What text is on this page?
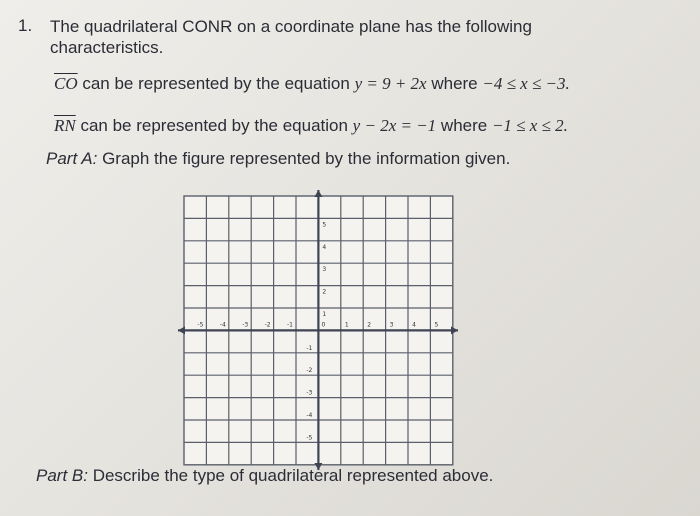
1. The quadrilateral CONR on a coordinate plane has the following
characteristics.
$\overline{CO}$ can be represented by the equation y = 9 + 2x where −4 ≤ x ≤ −3.
$\overline{RN}$ can be represented by the equation y − 2x = −1 where −1 ≤ x ≤ 2.
Part A: Graph the figure represented by the information given.
-5	-4	-3	-2	-1	1	2	3	4	5
0
5
4
3
2
1
-1
-2
-3
-4
-5
Part B: Describe the type of quadrilateral represented above.
